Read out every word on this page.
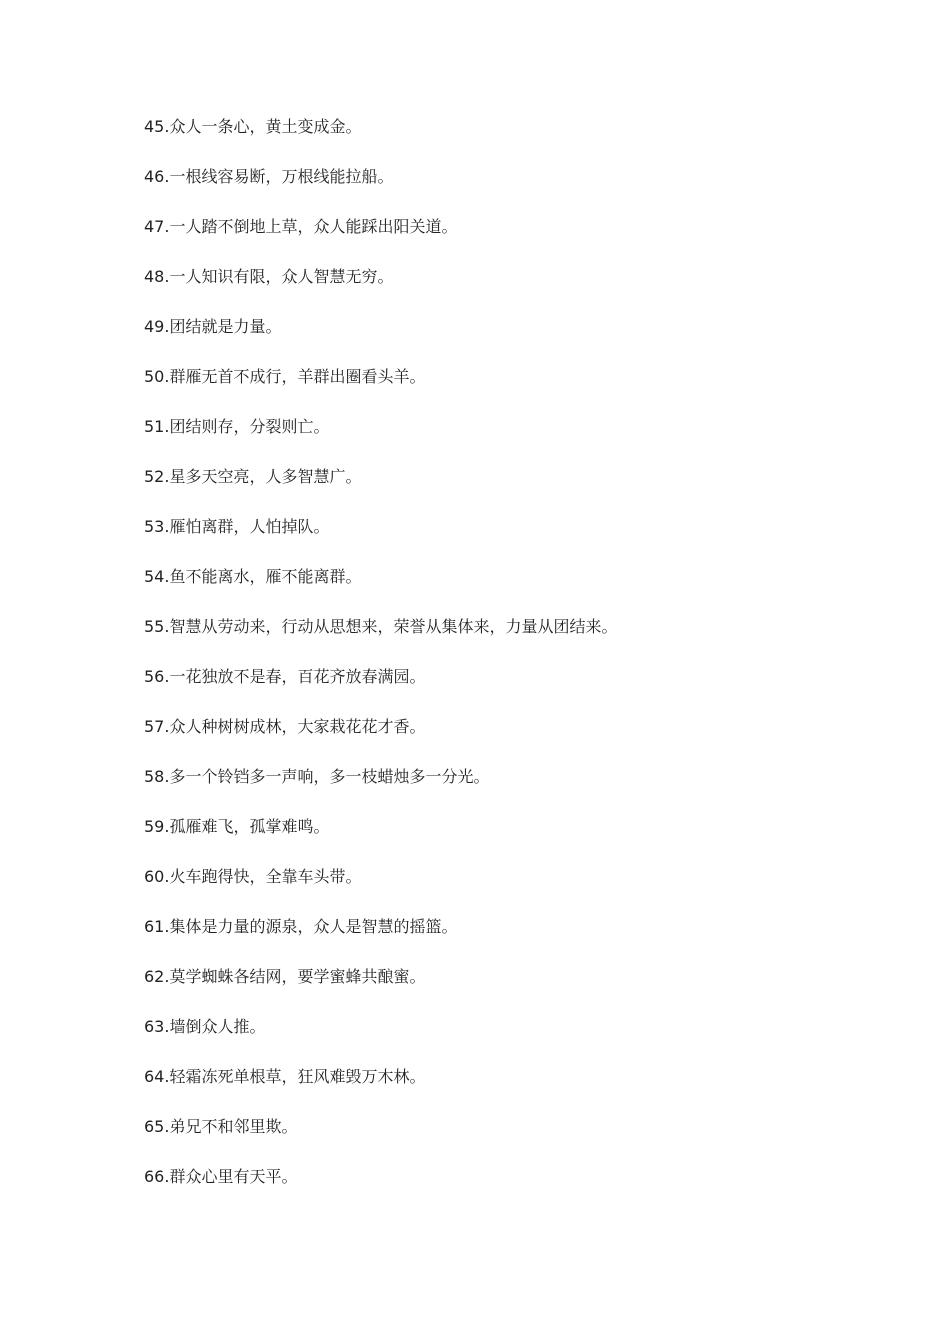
45.众人一条心，黄土变成金。
46.一根线容易断，万根线能拉船。
47.一人踏不倒地上草，众人能踩出阳关道。
48.一人知识有限，众人智慧无穷。
49.团结就是力量。
50.群雁无首不成行，羊群出圈看头羊。
51.团结则存，分裂则亡。
52.星多天空亮，人多智慧广。
53.雁怕离群，人怕掉队。
54.鱼不能离水，雁不能离群。
55.智慧从劳动来，行动从思想来，荣誉从集体来，力量从团结来。
56.一花独放不是春，百花齐放春满园。
57.众人种树树成林，大家栽花花才香。
58.多一个铃铛多一声响，多一枝蜡烛多一分光。
59.孤雁难飞，孤掌难鸣。
60.火车跑得快，全靠车头带。
61.集体是力量的源泉，众人是智慧的摇篮。
62.莫学蜘蛛各结网，要学蜜蜂共酿蜜。
63.墙倒众人推。
64.轻霜冻死单根草，狂风难毁万木林。
65.弟兄不和邻里欺。
66.群众心里有天平。
